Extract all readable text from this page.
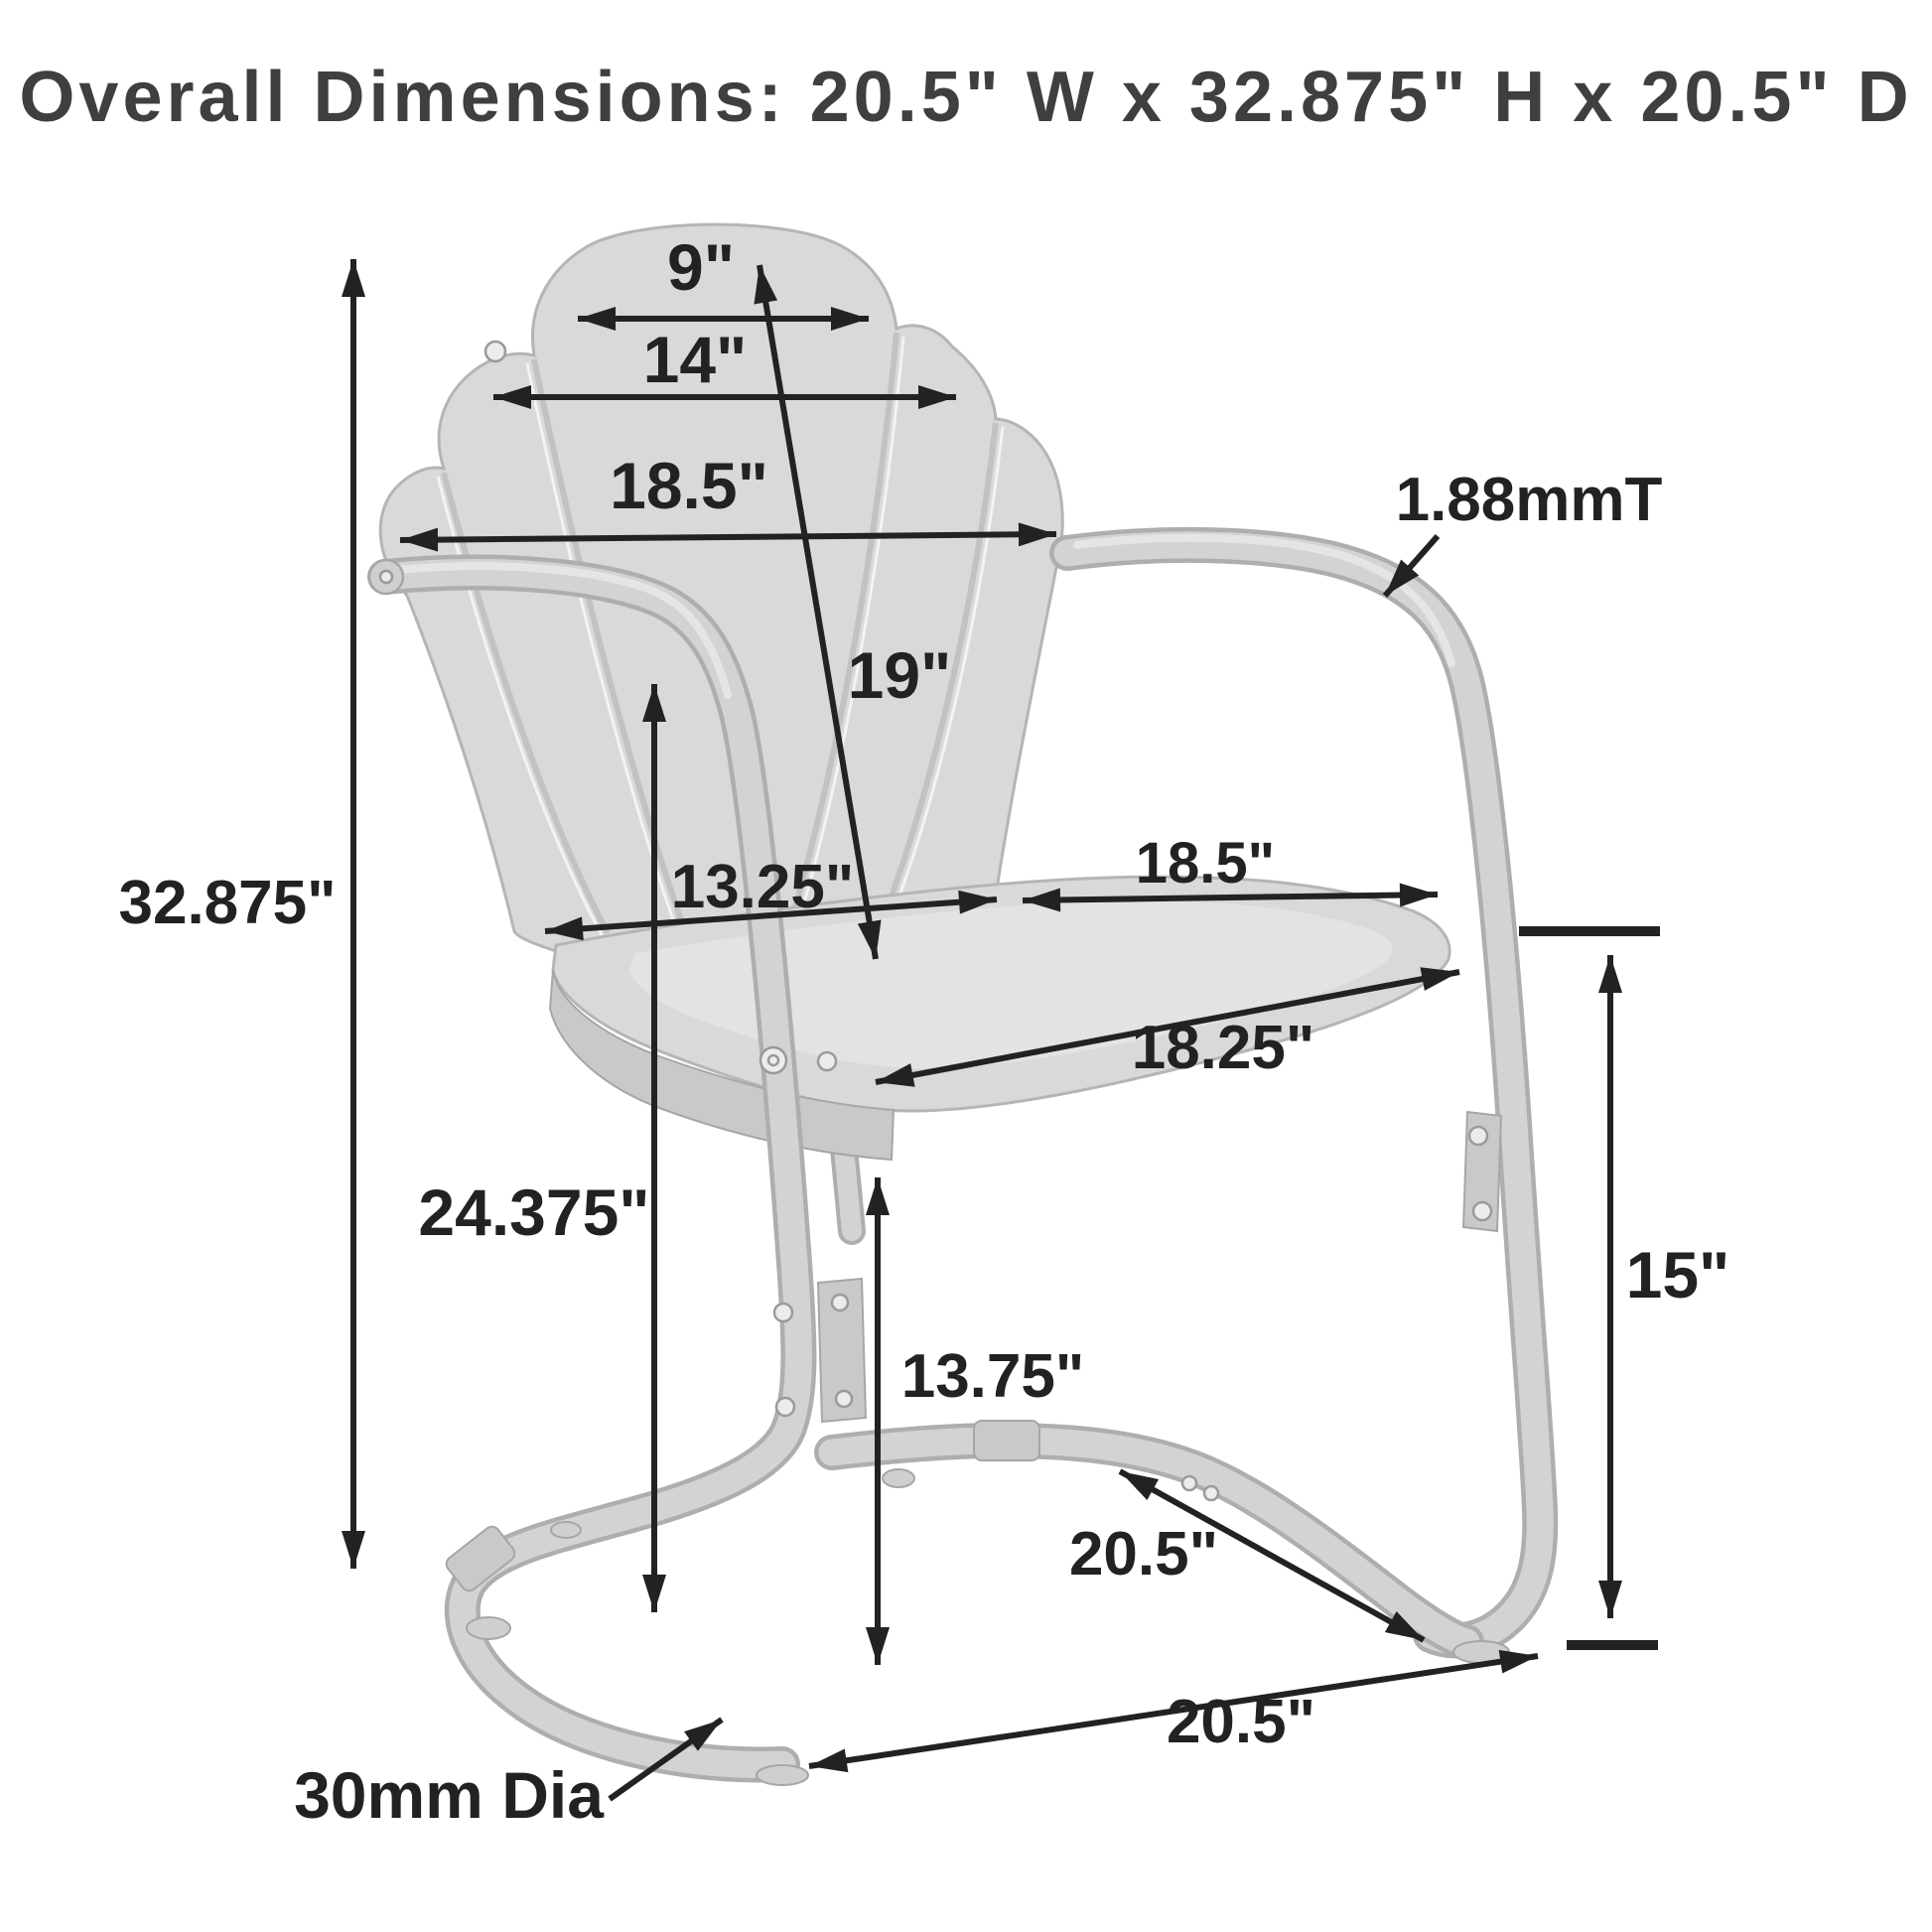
9"
14"
18.5"
19"
1.88mmT
32.875"	13.25"	18.5"
18.25"
24.375"
15"
13.75"
20.5"
20.5"
30mm Dia
Overall Dimensions: 20.5" W x 32.875" H x 20.5" D
